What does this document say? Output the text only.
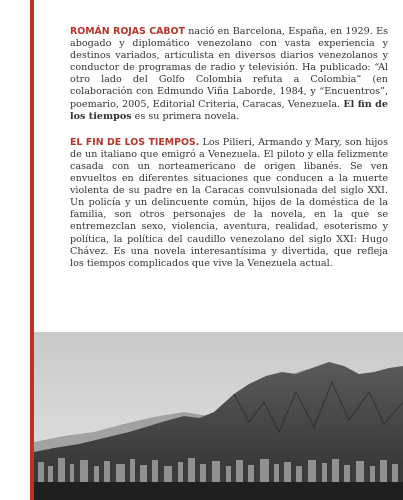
ROMÁN ROJAS CABOT nació en Barcelona, España, en 1929. Es abogado y diplomático venezolano con vasta experiencia y destinos variados, articulista en diversos diarios venezolanos y conductor de programas de radio y televisión. Ha publicado: “Al otro lado del Golfo Colombia refuta a Colombia” (en colaboración con Edmundo Viña Laborde, 1984, y “Encuentros”, poemario, 2005, Editorial Criteria, Caracas, Venezuela. El fin de los tiempos es su primera novela.

EL FIN DE LOS TIEMPOS. Los Pilieri, Armando y Mary, son hijos de un italiano que emigró a Venezuela. El piloto y ella felizmente casada con un norteamericano de origen libanés. Se ven envueltos en diferentes situaciones que conducen a la muerte violenta de su padre en la Caracas convulsionada del siglo XXI. Un policía y un delincuente común, hijos de la doméstica de la familia, son otros personajes de la novela, en la que se entremezclan sexo, violencia, aventura, realidad, esoterismo y política, la política del caudillo venezolano del siglo XXI: Hugo Chávez. Es una novela interesantísima y divertida, que refleja los tiempos complicados que vive la Venezuela actual.
